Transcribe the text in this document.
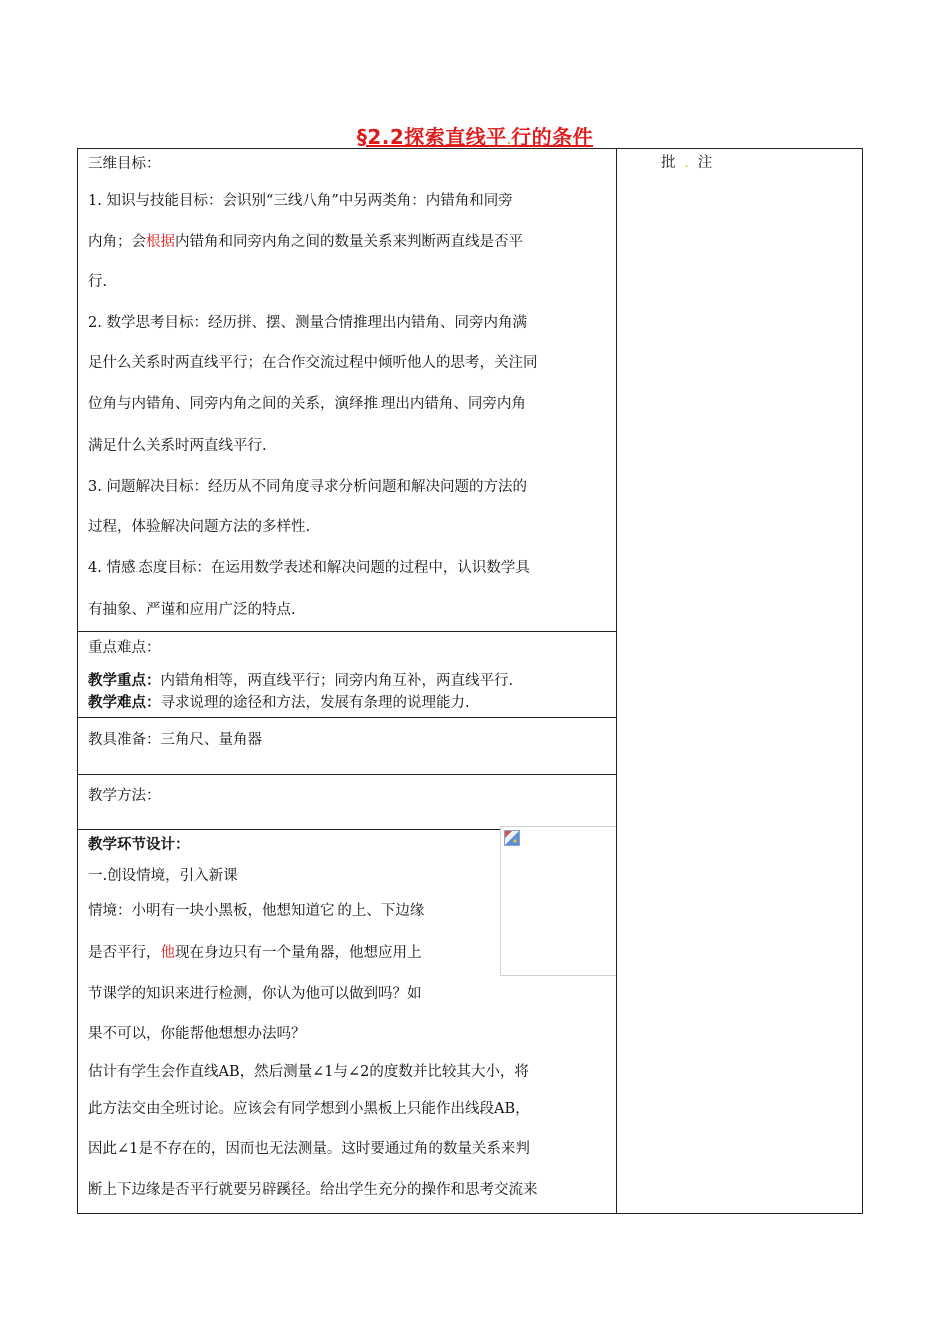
§2.2探索直线平.行的条件
三维目标：
1. 知识与技能目标：会识别“三线八角”中另两类角：内错角和同旁
内角；会根据内错角和同旁内角之间的数量关系来判断两直线是否平
行.
2. 数学思考目标：经历拼、摆、测量合情推理出内错角、同旁内角满
足什么关系时两直线平行；在合作交流过程中倾听他人的思考，关注同
位角与内错角、同旁内角之间的关系，演绎推.理出内错角、同旁内角
满足什么关系时两直线平行.
3. 问题解决目标：经历从不同角度寻求分析问题和解决问题的方法的
过程，体验解决问题方法的多样性.
4. 情感.态度目标：在运用数学表述和解决问题的过程中，认识数学具
有抽象、严谨和应用广泛的特点.

批 . 注

重点难点：
教学重点：内错角相等，两直线平行；同旁内角互补，两直线平行.
教学难点：寻求说理的途径和方法，发展有条理的说理能力.

教具准备：三角尺、量角器

教学方法：

教学环节设计：
一.创设情境，引入新课
情境：小明有一块小黑板，他想知道它.的上、下边缘
是否平行，他现在身边只有一个量角器，他想应用上
节课学的知识来进行检测，你认为他可以做到吗？如
果不可以，你能帮他想想办法吗？
估计有学生会作直线AB，然后测量∠1与∠2的度数并比较其大小，将
此方法交由全班讨论。应该会有同学想到小黑板上只能作出线段AB，
因此∠1是不存在的，因而也无法测量。这时要通过角的数量关系来判
断上下边缘是否平行就要另辟蹊径。给出学生充分的操作和思考交流来
